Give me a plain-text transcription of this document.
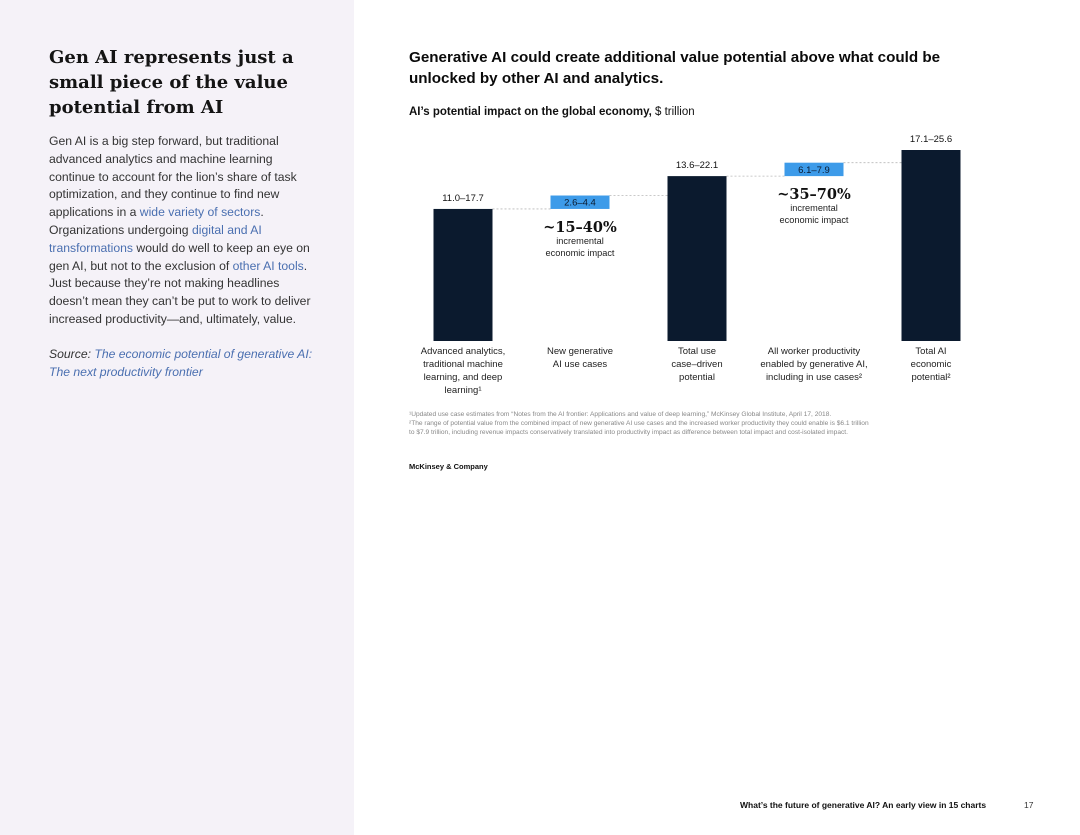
Gen AI represents just a small piece of the value potential from AI

Gen AI is a big step forward, but traditional advanced analytics and machine learning continue to account for the lion’s share of task optimization, and they continue to find new applications in a wide variety of sectors. Organizations undergoing digital and AI transformations would do well to keep an eye on gen AI, but not to the exclusion of other AI tools. Just because they’re not making headlines doesn’t mean they can’t be put to work to deliver increased productivity—and, ultimately, value.

Source: The economic potential of generative AI: The next productivity frontier

Generative AI could create additional value potential above what could be unlocked by other AI and analytics.

AI’s potential impact on the global economy, $ trillion

11.0–17.7
Advanced analytics,
traditional machine
learning, and deep
learning¹
2.6–4.4
~15–40%
incremental
economic impact
New generative
AI use cases
13.6–22.1
Total use
case–driven
potential
6.1–7.9
~35–70%
incremental
economic impact
All worker productivity
enabled by generative AI,
including in use cases²
17.1–25.6
Total AI
economic
potential²
¹Updated use case estimates from “Notes from the AI frontier: Applications and value of deep learning,” McKinsey Global Institute, April 17, 2018.
²The range of potential value from the combined impact of new generative AI use cases and the increased worker productivity they could enable is $6.1 trillion
to $7.9 trillion, including revenue impacts conservatively translated into productivity impact as difference between total impact and cost-isolated impact.
McKinsey & Company
What’s the future of generative AI? An early view in 15 charts	17
